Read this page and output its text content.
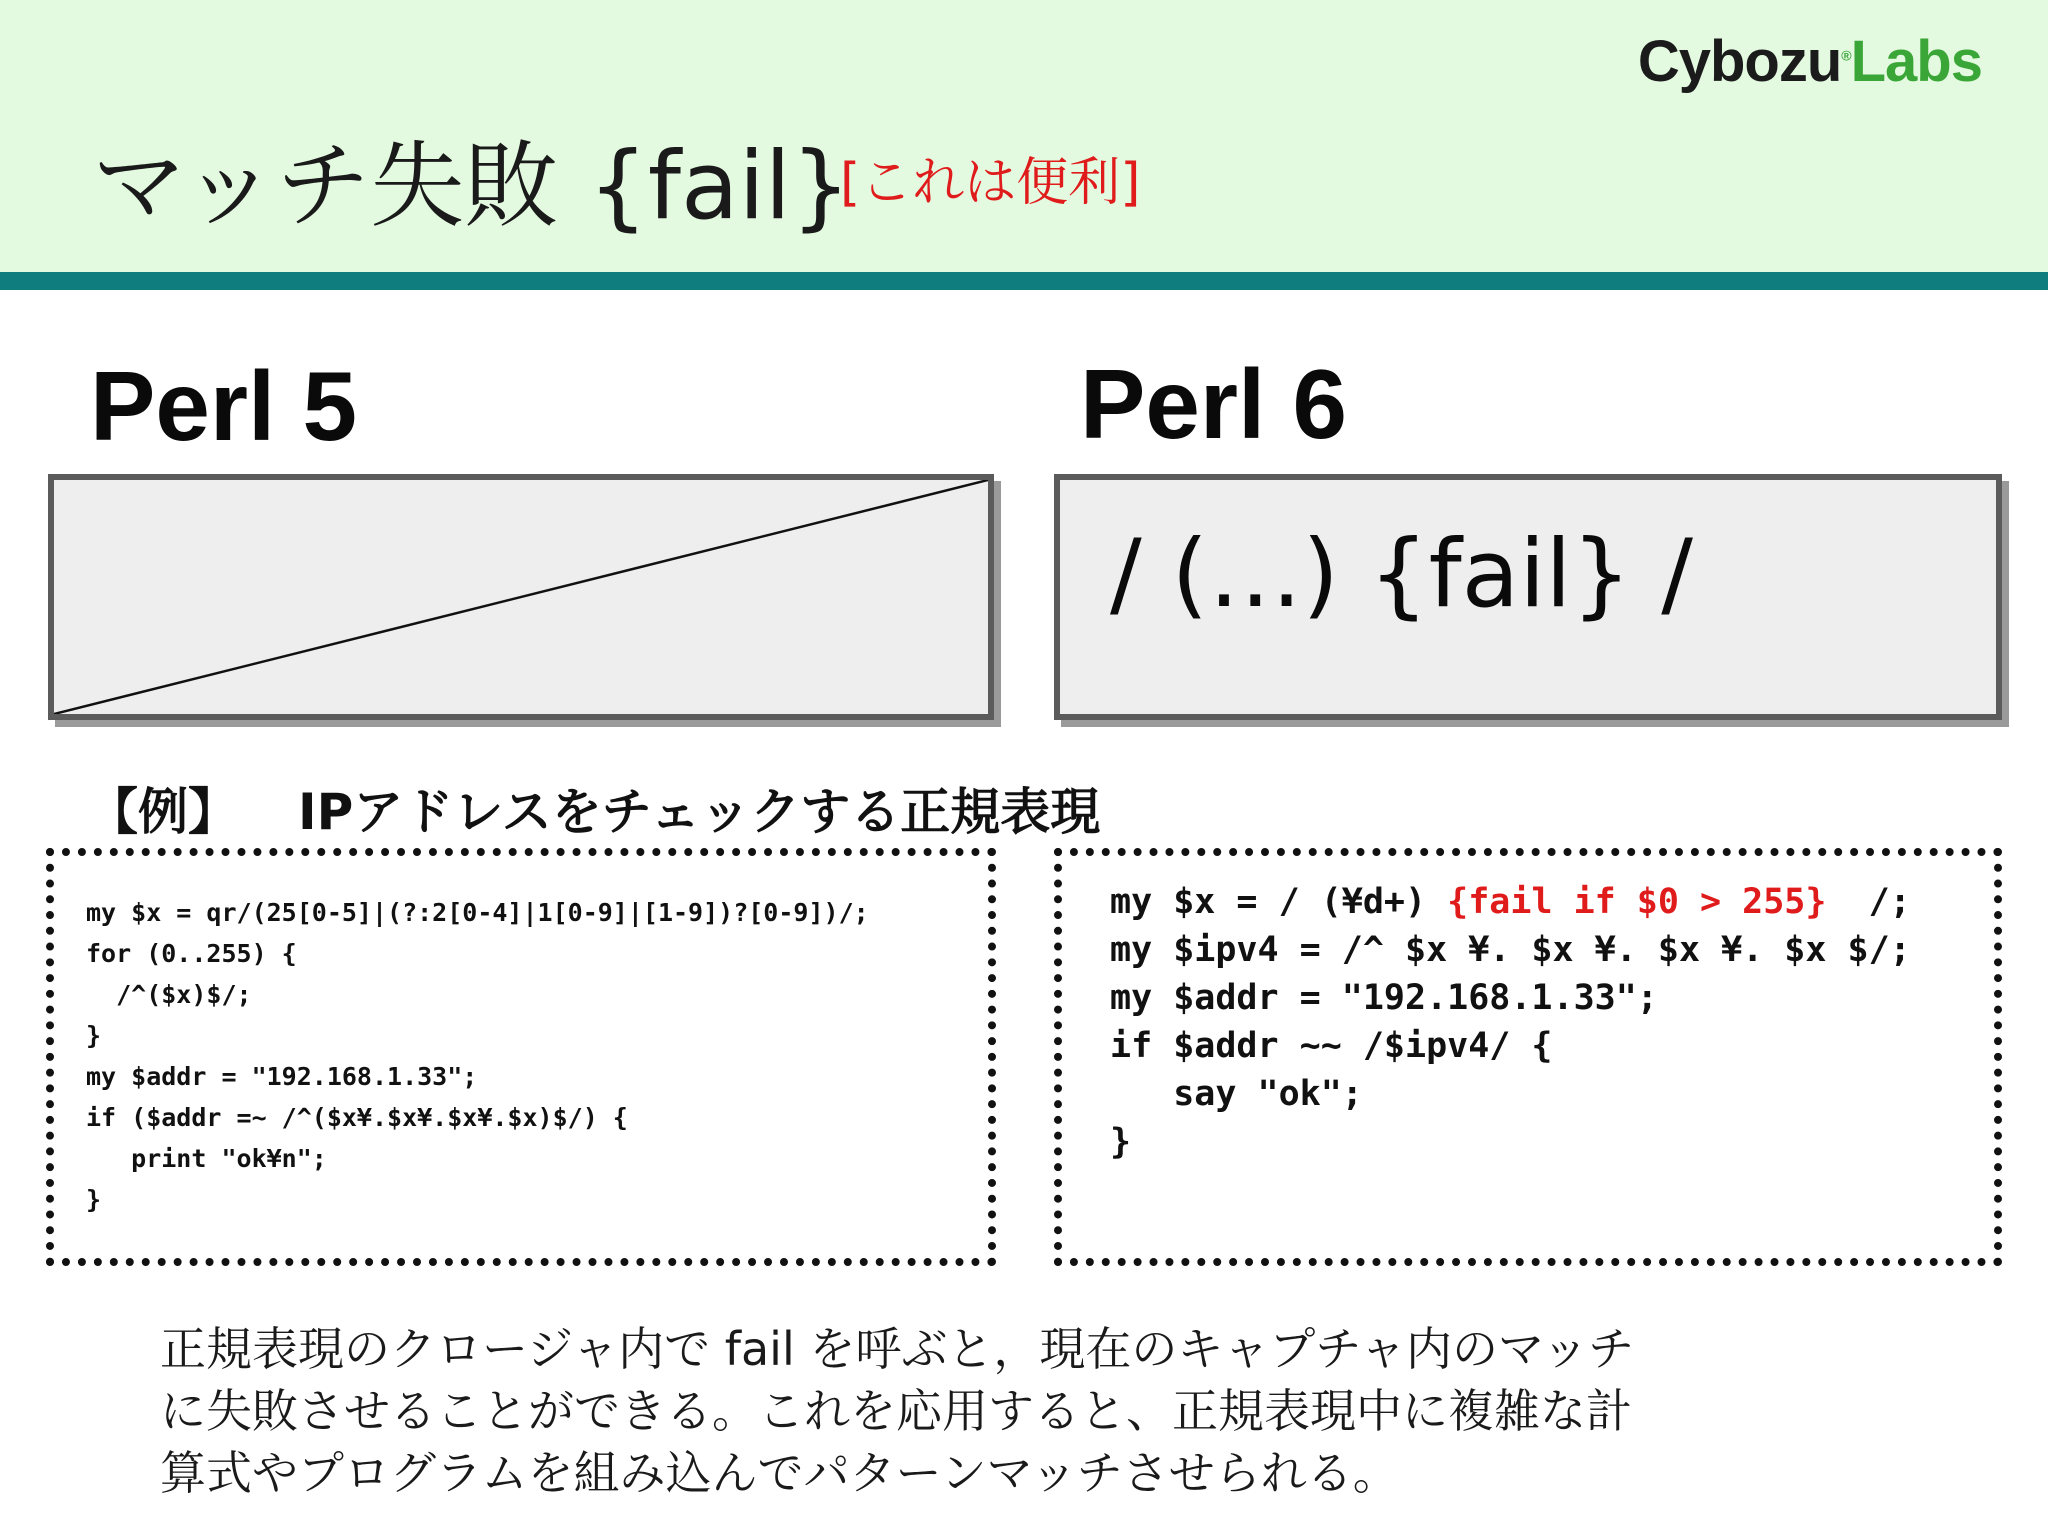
Cybozu®Labs
マッチ失敗 {fail}
[これは便利]
Perl 5	Perl 6
/ (…) {fail} /
【例】 IPアドレスをチェックする正規表現
my $x = qr/(25[0-5]|(?:2[0-4]|1[0-9]|[1-9])?[0-9])/;
for (0..255) {
/^($x)$/;
}
my $addr = "192.168.1.33";
if ($addr =~ /^($x¥.$x¥.$x¥.$x)$/) {
print "ok¥n";
}
my $x = / (¥d+) {fail if $0 > 255}  /;
my $ipv4 = /^ $x ¥. $x ¥. $x ¥. $x $/;
my $addr = "192.168.1.33";
if $addr ~~ /$ipv4/ {
say "ok";
}
正規表現のクロージャ内で fail を呼ぶと，現在のキャプチャ内のマッチ
に失敗させることができる。これを応用すると、正規表現中に複雑な計
算式やプログラムを組み込んでパターンマッチさせられる。
